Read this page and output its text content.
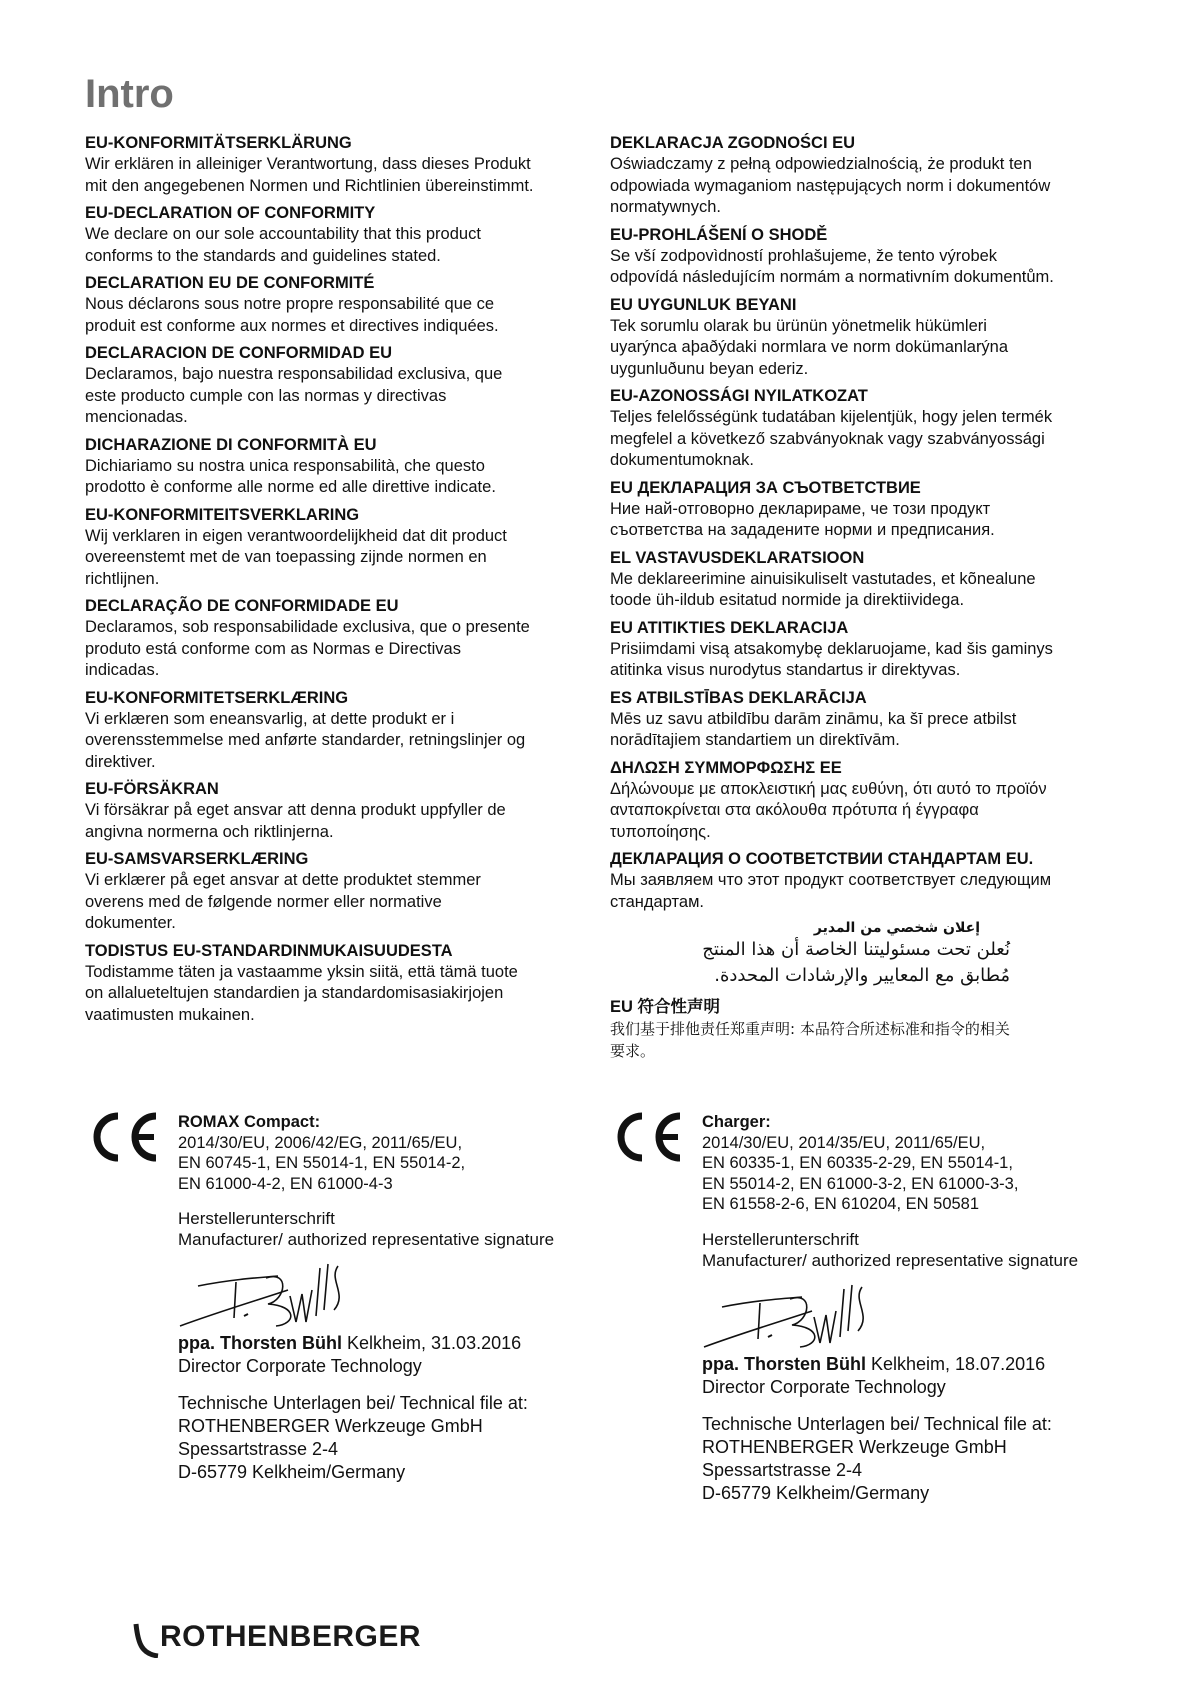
Intro
EU-KONFORMITÄTSERKLÄRUNG

Wir erklären in alleiniger Verantwortung, dass dieses Produkt
mit den angegebenen Normen und Richtlinien übereinstimmt.

EU-DECLARATION OF CONFORMITY

We declare on our sole accountability that this product
conforms to the standards and guidelines stated.

DECLARATION EU DE CONFORMITÉ

Nous déclarons sous notre propre responsabilité que ce
produit est conforme aux normes et directives indiquées.

DECLARACION DE CONFORMIDAD EU

Declaramos, bajo nuestra responsabilidad exclusiva, que
este producto cumple con las normas y directivas
mencionadas.

DICHARAZIONE DI CONFORMITÀ EU

Dichiariamo su nostra unica responsabilità, che questo
prodotto è conforme alle norme ed alle direttive indicate.

EU-KONFORMITEITSVERKLARING

Wij verklaren in eigen verantwoordelijkheid dat dit product
overeenstemt met de van toepassing zijnde normen en
richtlijnen.

DECLARAÇÃO DE CONFORMIDADE EU

Declaramos, sob responsabilidade exclusiva, que o presente
produto está conforme com as Normas e Directivas
indicadas.

EU-KONFORMITETSERKLÆRING

Vi erklæren som eneansvarlig, at dette produkt er i
overensstemmelse med anførte standarder, retningslinjer og
direktiver.

EU-FÖRSÄKRAN

Vi försäkrar på eget ansvar att denna produkt uppfyller de
angivna normerna och riktlinjerna.

EU-SAMSVARSERKLÆRING

Vi erklærer på eget ansvar at dette produktet stemmer
overens med de følgende normer eller normative
dokumenter.

TODISTUS EU-STANDARDINMUKAISUUDESTA

Todistamme täten ja vastaamme yksin siitä, että tämä tuote
on allalueteltujen standardien ja standardomisasiakirjojen
vaatimusten mukainen.

DEKLARACJA ZGODNOŚCI EU

Oświadczamy z pełną odpowiedzialnością, że produkt ten
odpowiada wymaganiom następujących norm i dokumentów
normatywnych.

EU-PROHLÁŠENÍ O SHODĚ

Se vší zodpovìdností prohlašujeme, že tento výrobek
odpovídá následujícím normám a normativním dokumentům.

EU UYGUNLUK BEYANI

Tek sorumlu olarak bu ürünün yönetmelik hükümleri
uyarýnca aþaðýdaki normlara ve norm dokümanlarýna
uygunluðunu beyan ederiz.

EU-AZONOSSÁGI NYILATKOZAT

Teljes felelősségünk tudatában kijelentjük, hogy jelen termék
megfelel a következő szabványoknak vagy szabványossági
dokumentumoknak.

EU ДЕКЛАРАЦИЯ ЗА СЪОТВЕТСТВИЕ

Ние най-отговорно декларираме, че този продукт
съответства на зададените норми и предписания.

EL VASTAVUSDEKLARATSIOON

Me deklareerimine ainuisikuliselt vastutades, et kõnealune
toode üh-ildub esitatud normide ja direktiividega.

EU ATITIKTIES DEKLARACIJA

Prisiimdami visą atsakomybę deklaruojame, kad šis gaminys
atitinka visus nurodytus standartus ir direktyvas.

ES ATBILSTĪBAS DEKLARĀCIJA

Mēs uz savu atbildību darām zināmu, ka šī prece atbilst
norādītajiem standartiem un direktīvām.

ΔΗΛΩΣΗ ΣΥΜΜΟΡΦΩΣΗΣ ΕΕ

Δήλώνουμε με αποκλειστική μας ευθύνη, ότι αυτό το προϊόν
ανταποκρίνεται στα ακόλουθα πρότυπα ή έγγραφα
τυποποίησης.

ДЕКЛАРАЦИЯ О СООТВЕТСТВИИ СТАНДАРТАМ EU.

Мы заявляем что этот продукт соответствует следующим
стандартам.

إعلان شخصي من المدير
نُعلن تحت مسئوليتنا الخاصة أن هذا المنتج
مُطابق مع المعايير والإرشادات المحددة.
EU 符合性声明

我们基于排他责任郑重声明: 本品符合所述标准和指令的相关
要求。

ROMAX Compact:
2014/30/EU, 2006/42/EG, 2011/65/EU,
EN 60745-1, EN 55014-1, EN 55014-2,
EN 61000-4-2, EN 61000-4-3
Herstellerunterschrift
Manufacturer/ authorized representative signature
ppa. Thorsten Bühl Kelkheim, 31.03.2016
Director Corporate Technology
Technische Unterlagen bei/ Technical file at:
ROTHENBERGER Werkzeuge GmbH
Spessartstrasse 2-4
D-65779 Kelkheim/Germany
Charger:
2014/30/EU, 2014/35/EU, 2011/65/EU,
EN 60335-1, EN 60335-2-29, EN 55014-1,
EN 55014-2, EN 61000-3-2, EN 61000-3-3,
EN 61558-2-6, EN 610204, EN 50581
Herstellerunterschrift
Manufacturer/ authorized representative signature
ppa. Thorsten Bühl Kelkheim, 18.07.2016
Director Corporate Technology
Technische Unterlagen bei/ Technical file at:
ROTHENBERGER Werkzeuge GmbH
Spessartstrasse 2-4
D-65779 Kelkheim/Germany
ROTHENBERGER
